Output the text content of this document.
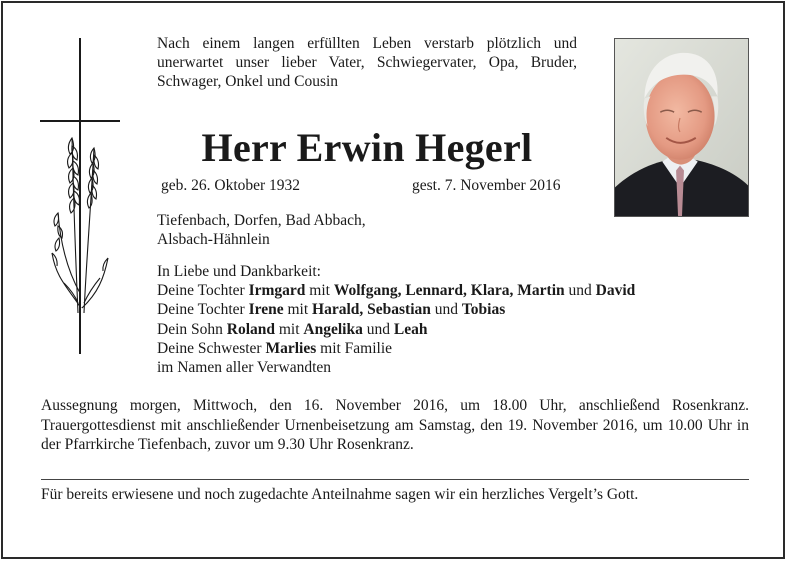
Nach einem langen erfüllten Leben verstarb plötzlich und unerwartet unser lieber Vater, Schwiegervater, Opa, Bruder, Schwager, Onkel und Cousin
Herr Erwin Hegerl
geb. 26. Oktober 1932	gest. 7. November 2016
Tiefenbach, Dorfen, Bad Abbach,
Alsbach-Hähnlein
In Liebe und Dankbarkeit:
Deine Tochter Irmgard mit Wolfgang, Lennard, Klara, Martin und David
Deine Tochter Irene mit Harald, Sebastian und Tobias
Dein Sohn Roland mit Angelika und Leah
Deine Schwester Marlies mit Familie
im Namen aller Verwandten
Aussegnung morgen, Mittwoch, den 16. November 2016, um 18.00 Uhr, anschließend Rosenkranz. Trauergottesdienst mit anschließender Urnenbeisetzung am Samstag, den 19. November 2016, um 10.00 Uhr in der Pfarrkirche Tiefenbach, zuvor um 9.30 Uhr Rosenkranz.
Für bereits erwiesene und noch zugedachte Anteilnahme sagen wir ein herzliches Vergelt’s Gott.
